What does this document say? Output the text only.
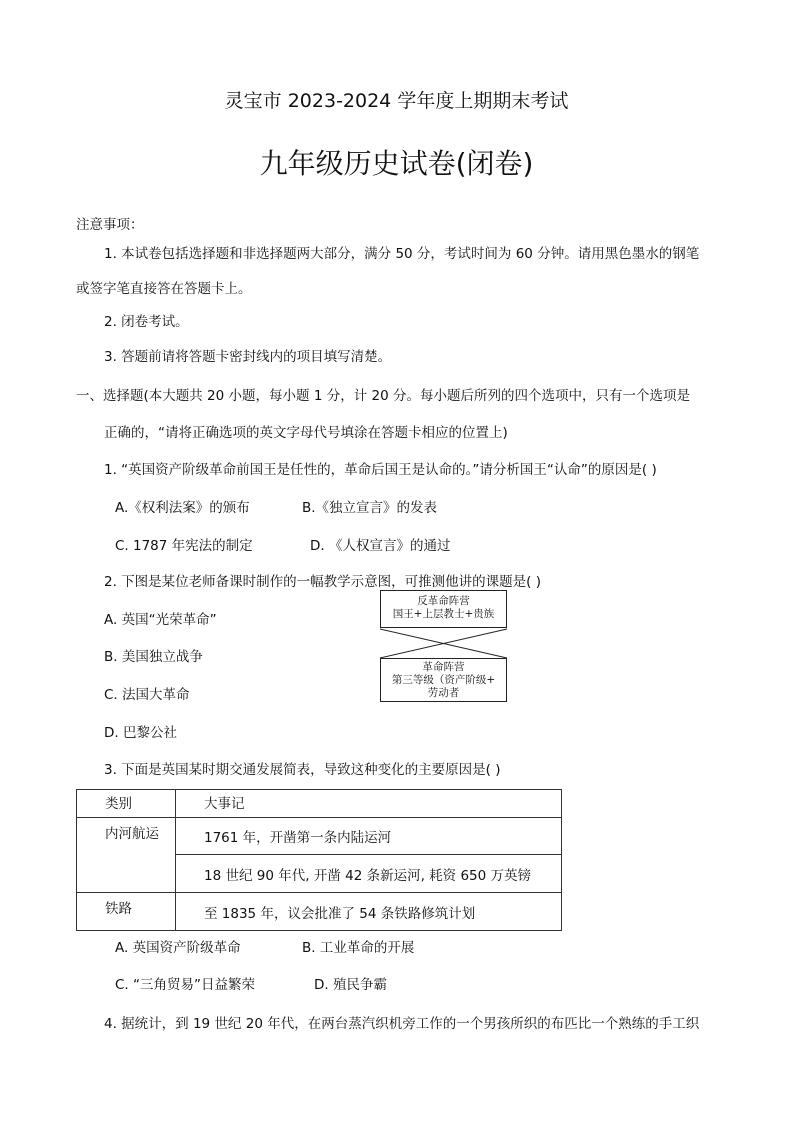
灵宝市 2023-2024 学年度上期期末考试
九年级历史试卷(闭卷)
注意事项：
1. 本试卷包括选择题和非选择题两大部分，满分 50 分，考试时间为 60 分钟。请用黑色墨水的钢笔
或签字笔直接答在答题卡上。
2. 闭卷考试。
3. 答题前请将答题卡密封线内的项目填写清楚。
一、选择题(本大题共 20 小题，每小题 1 分，计 20 分。每小题后所列的四个选项中，只有一个选项是
正确的，“请将正确选项的英文字母代号填涂在答题卡相应的位置上)
1. “英国资产阶级革命前国王是任性的，革命后国王是认命的。”请分析国王“认命”的原因是( )
A.《权利法案》的颁布	B.《独立宣言》的发表
C. 1787 年宪法的制定	D. 《人权宣言》的通过
2. 下图是某位老师备课时制作的一幅教学示意图，可推测他讲的课题是( )
A. 英国“光荣革命”
B. 美国独立战争
C. 法国大革命
D. 巴黎公社
反革命阵营
国王+上层教士+贵族
革命阵营
第三等级（资产阶级+
劳动者
3. 下面是英国某时期交通发展简表，导致这种变化的主要原因是( )
类别	大事记
内河航运	1761 年，开凿第一条内陆运河
	18 世纪 90 年代, 开凿 42 条新运河, 耗资 650 万英镑
铁路	至 1835 年，议会批准了 54 条铁路修筑计划
A. 英国资产阶级革命	B. 工业革命的开展
C. “三角贸易”日益繁荣	D. 殖民争霸
4. 据统计，到 19 世纪 20 年代，在两台蒸汽织机旁工作的一个男孩所织的布匹比一个熟练的手工织
